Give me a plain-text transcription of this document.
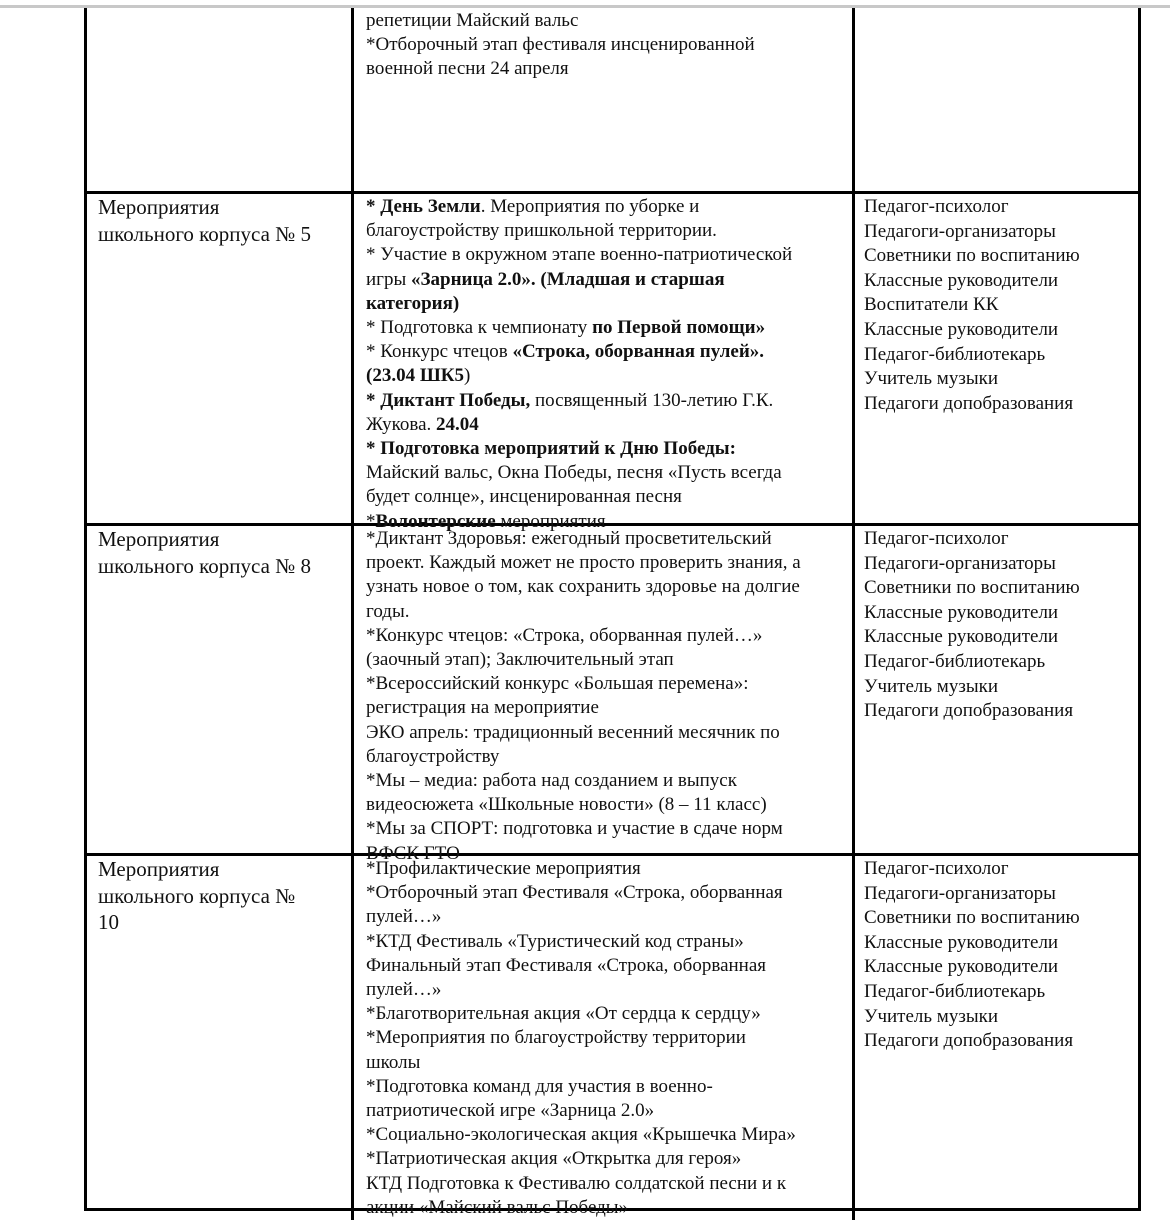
репетиции Майский вальс
*Отборочный этап фестиваля инсценированной
военной песни 24 апреля
Мероприятия
школьного корпуса № 5
* День Земли. Мероприятия по уборке и
благоустройству пришкольной территории.
* Участие в окружном этапе военно-патриотической
игры «Зарница 2.0». (Младшая и старшая
категория)
* Подготовка к чемпионату по Первой помощи»
* Конкурс чтецов «Строка, оборванная пулей».
(23.04 ШК5)
* Диктант Победы, посвященный 130-летию Г.К.
Жукова. 24.04
* Подготовка мероприятий к Дню Победы:
Майский вальс, Окна Победы, песня «Пусть всегда
будет солнце», инсценированная песня
*Волонтерские мероприятия
Педагог-психолог
Педагоги-организаторы
Советники по воспитанию
Классные руководители
Воспитатели КК
Классные руководители
Педагог-библиотекарь
Учитель музыки
Педагоги допобразования
Мероприятия
школьного корпуса № 8
*Диктант Здоровья: ежегодный просветительский
проект. Каждый может не просто проверить знания, а
узнать новое о том, как сохранить здоровье на долгие
годы.
*Конкурс чтецов: «Строка, оборванная пулей…»
(заочный этап); Заключительный этап
*Всероссийский конкурс «Большая перемена»:
регистрация на мероприятие
ЭКО апрель: традиционный весенний месячник по
благоустройству
*Мы – медиа: работа над созданием и выпуск
видеосюжета «Школьные новости» (8 – 11 класс)
*Мы за СПОРТ: подготовка и участие в сдаче норм
ВФСК ГТО
Педагог-психолог
Педагоги-организаторы
Советники по воспитанию
Классные руководители
Классные руководители
Педагог-библиотекарь
Учитель музыки
Педагоги допобразования
Мероприятия
школьного корпуса №
10
*Профилактические мероприятия
*Отборочный этап Фестиваля «Строка, оборванная
пулей…»
*КТД Фестиваль «Туристический код страны»
Финальный этап Фестиваля «Строка, оборванная
пулей…»
*Благотворительная акция «От сердца к сердцу»
*Мероприятия по благоустройству территории
школы
*Подготовка команд для участия в военно-
патриотической игре «Зарница 2.0»
*Социально-экологическая акция «Крышечка Мира»
*Патриотическая акция «Открытка для героя»
КТД Подготовка к Фестивалю солдатской песни и к
акции «Майский вальс Победы»
Педагог-психолог
Педагоги-организаторы
Советники по воспитанию
Классные руководители
Классные руководители
Педагог-библиотекарь
Учитель музыки
Педагоги допобразования
